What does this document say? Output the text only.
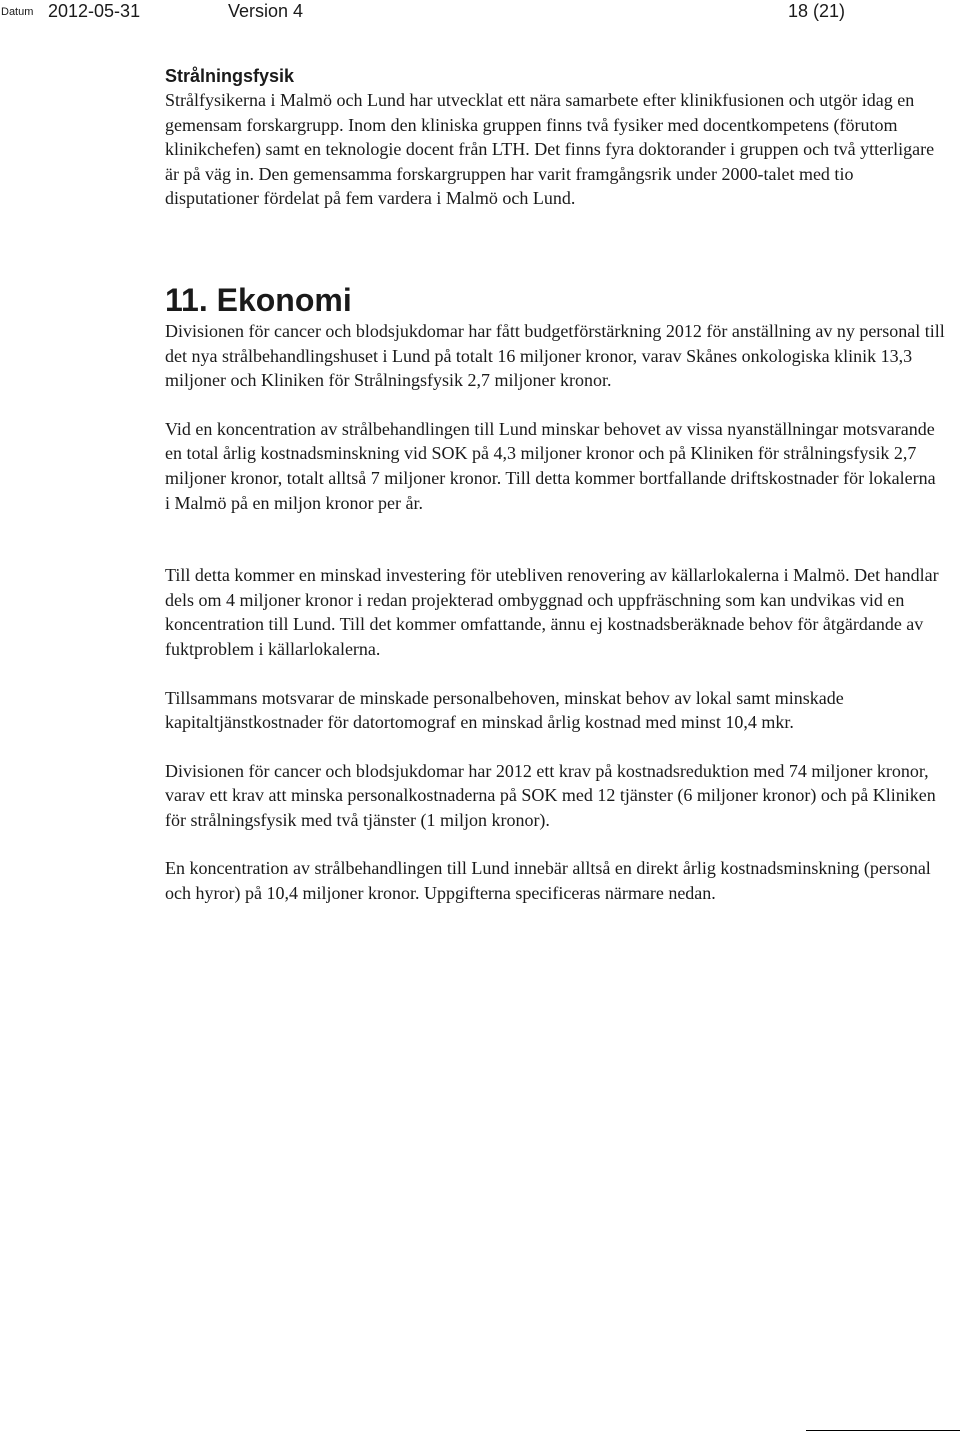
Datum 2012-05-31	Version 4	18 (21)
Strålningsfysik

Strålfysikerna i Malmö och Lund har utvecklat ett nära samarbete efter klinikfusionen och utgör idag en gemensam forskargrupp. Inom den kliniska gruppen finns två fysiker med docentkompetens (förutom klinikchefen) samt en teknologie docent från LTH. Det finns fyra doktorander i gruppen och två ytterligare är på väg in. Den gemensamma forskargruppen har varit framgångsrik under 2000-talet med tio disputationer fördelat på fem vardera i Malmö och Lund.

11. Ekonomi

Divisionen för cancer och blodsjukdomar har fått budgetförstärkning 2012 för anställning av ny personal till det nya strålbehandlingshuset i Lund på totalt 16 miljoner kronor, varav Skånes onkologiska klinik 13,3 miljoner och Kliniken för Strålningsfysik 2,7 miljoner kronor.

Vid en koncentration av strålbehandlingen till Lund minskar behovet av vissa nyanställningar motsvarande en total årlig kostnadsminskning vid SOK på 4,3 miljoner kronor och på Kliniken för strålningsfysik 2,7 miljoner kronor, totalt alltså 7 miljoner kronor. Till detta kommer bortfallande driftskostnader för lokalerna i Malmö på en miljon kronor per år.

Till detta kommer en minskad investering för utebliven renovering av källarlokalerna i Malmö. Det handlar dels om 4 miljoner kronor i redan projekterad ombyggnad och uppfräschning som kan undvikas vid en koncentration till Lund. Till det kommer omfattande, ännu ej kostnadsberäknade behov för åtgärdande av fuktproblem i källarlokalerna.

Tillsammans motsvarar de minskade personalbehoven, minskat behov av lokal samt minskade kapitaltjänstkostnader för datortomograf en minskad årlig kostnad med minst 10,4 mkr.

Divisionen för cancer och blodsjukdomar har 2012 ett krav på kostnadsreduktion med 74 miljoner kronor, varav ett krav att minska personalkostnaderna på SOK med 12 tjänster (6 miljoner kronor) och på Kliniken för strålningsfysik med två tjänster (1 miljon kronor).

En koncentration av strålbehandlingen till Lund innebär alltså en direkt årlig kostnadsminskning (personal och hyror) på 10,4 miljoner kronor. Uppgifterna specificeras närmare nedan.
